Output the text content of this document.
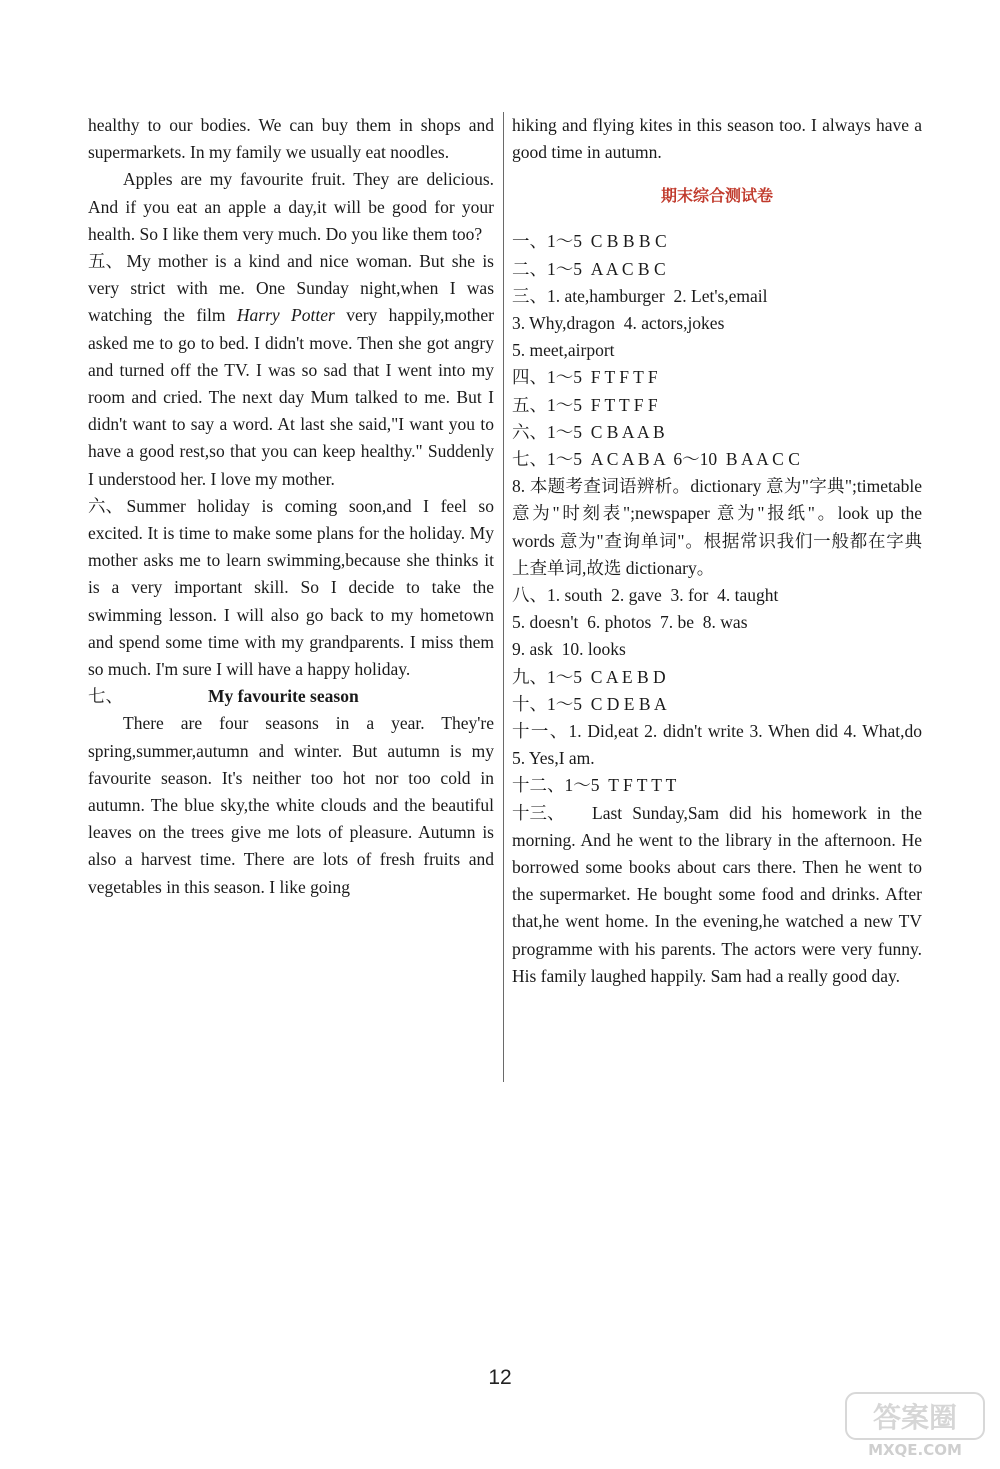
healthy to our bodies. We can buy them in shops and supermarkets. In my family we usually eat noodles.

Apples are my favourite fruit. They are delicious. And if you eat an apple a day,it will be good for your health. So I like them very much. Do you like them too?

五、 My mother is a kind and nice woman. But she is very strict with me. One Sunday night,when I was watching the film Harry Potter very happily,mother asked me to go to bed. I didn't move. Then she got angry and turned off the TV. I was so sad that I went into my room and cried. The next day Mum talked to me. But I didn't want to say a word. At last she said,"I want you to have a good rest,so that you can keep healthy." Suddenly I understood her. I love my mother.

六、 Summer holiday is coming soon,and I feel so excited. It is time to make some plans for the holiday. My mother asks me to learn swimming,because she thinks it is a very important skill. So I decide to take the swimming lesson. I will also go back to my hometown and spend some time with my grandparents. I miss them so much. I'm sure I will have a happy holiday.

七、	My favourite season

There are four seasons in a year. They're spring,summer,autumn and winter. But autumn is my favourite season. It's neither too hot nor too cold in autumn. The blue sky,the white clouds and the beautiful leaves on the trees give me lots of pleasure. Autumn is also a harvest time. There are lots of fresh fruits and vegetables in this season. I like going

hiking and flying kites in this season too. I always have a good time in autumn.

期末综合测试卷
一、1～5  C B B B C
二、1～5  A A C B C
三、1. ate,hamburger  2. Let's,email
3. Why,dragon  4. actors,jokes
5. meet,airport
四、1～5  F T F T F
五、1～5  F T T F F
六、1～5  C B A A B
七、1～5  A C A B A  6～10  B A A C C

8. 本题考查词语辨析。dictionary 意为"字典";timetable 意为"时刻表";newspaper 意为"报纸"。look up the words 意为"查询单词"。根据常识我们一般都在字典上查单词,故选 dictionary。

八、1. south  2. gave  3. for  4. taught
5. doesn't  6. photos  7. be  8. was
9. ask  10. looks
九、1～5  C A E B D
十、1～5  C D E B A

十一、1. Did,eat 2. didn't write 3. When did 4. What,do 5. Yes,I am.

十二、1～5  T F T T T

十三、 Last Sunday,Sam did his homework in the morning. And he went to the library in the afternoon. He borrowed some books about cars there. Then he went to the supermarket. He bought some food and drinks. After that,he went home. In the evening,he watched a new TV programme with his parents. The actors were very funny. His family laughed happily. Sam had a really good day.

12
答案圈
MXQE.COM
